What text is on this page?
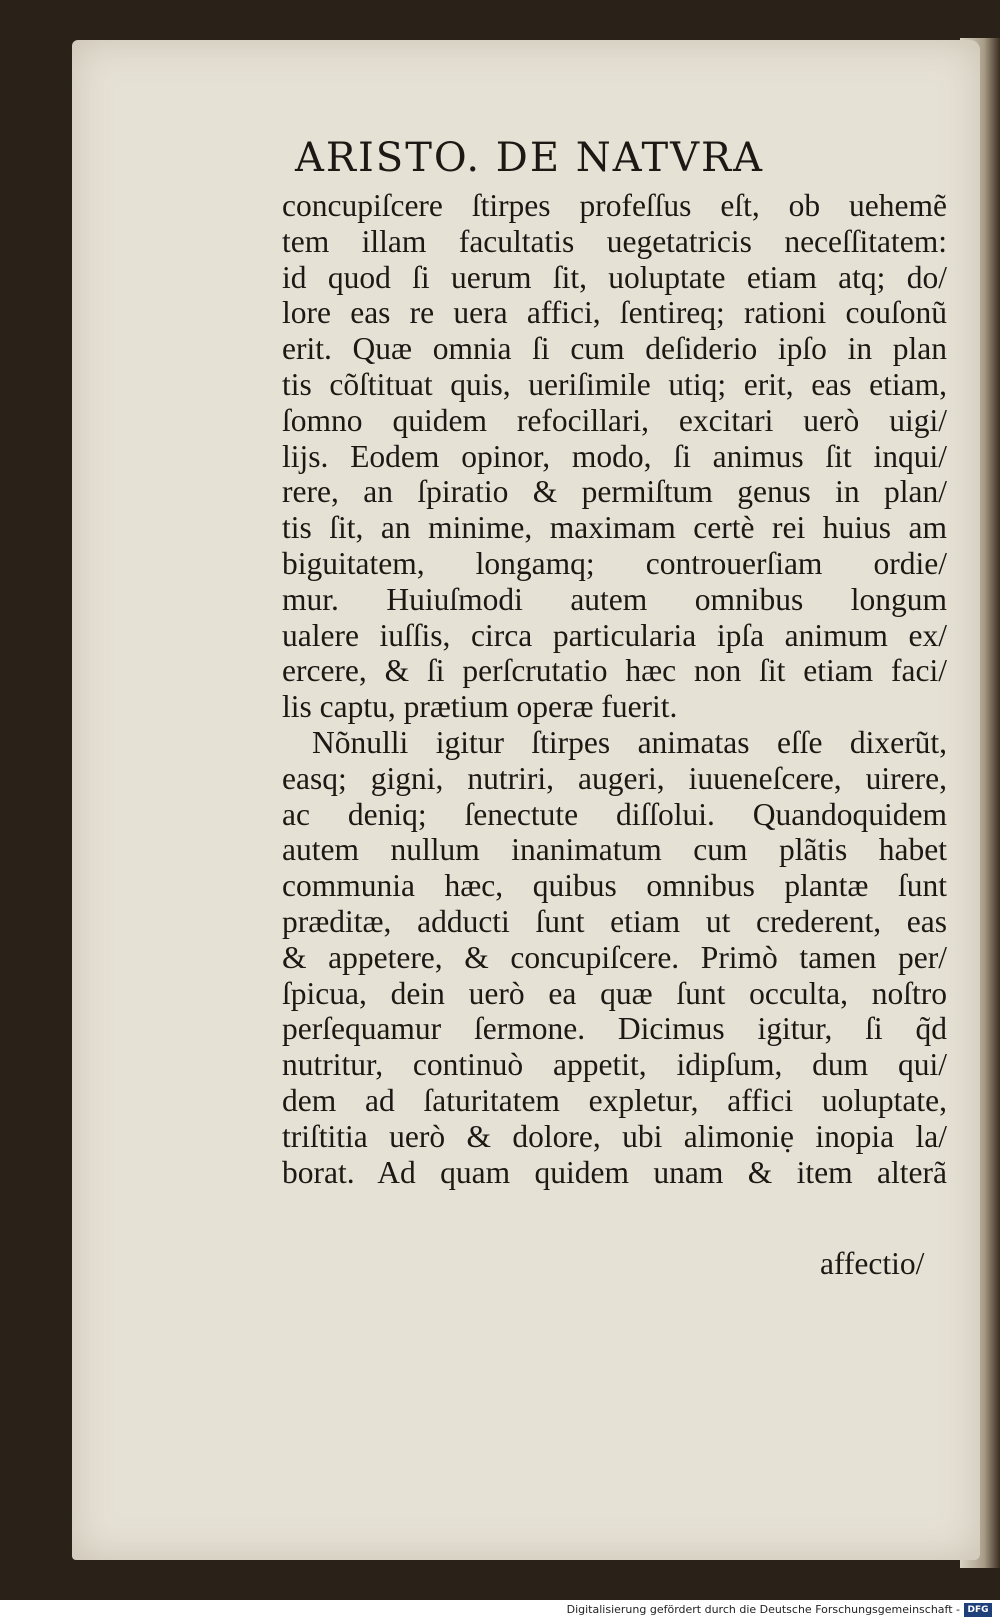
ARISTO. DE NATVRA
concupiſcere ſtirpes profeſſus eſt, ob uehemẽ
tem illam facultatis uegetatricis neceſſitatem:
id quod ſi uerum ſit, uoluptate etiam atq; do/
lore eas re uera affici, ſentireq; rationi couſonũ
erit. Quæ omnia ſi cum deſiderio ipſo in plan
tis cõſtituat quis, ueriſimile utiq; erit, eas etiam,
ſomno quidem refocillari, excitari uerò uigi/
lijs. Eodem opinor, modo, ſi animus ſit inqui/
rere, an ſpiratio & permiſtum genus in plan/
tis ſit, an minime, maximam certè rei huius am
biguitatem, longamq; controuerſiam ordie/
mur. Huiuſmodi autem omnibus longum
ualere iuſſis, circa particularia ipſa animum ex/
ercere, & ſi perſcrutatio hæc non ſit etiam faci/
lis captu, prætium operæ fuerit.
Nõnulli igitur ſtirpes animatas eſſe dixerũt,
easq; gigni, nutriri, augeri, iuueneſcere, uirere,
ac deniq; ſenectute diſſolui. Quandoquidem
autem nullum inanimatum cum plãtis habet
communia hæc, quibus omnibus plantæ ſunt
præditæ, adducti ſunt etiam ut crederent, eas
& appetere, & concupiſcere. Primò tamen per/
ſpicua, dein uerò ea quæ ſunt occulta, noſtro
perſequamur ſermone. Dicimus igitur, ſi q̃d
nutritur, continuò appetit, idipſum, dum qui/
dem ad ſaturitatem expletur, affici uoluptate,
triſtitia uerò & dolore, ubi alimoniẹ inopia la/
borat. Ad quam quidem unam & item alterã
affectio/
Digitalisierung gefördert durch die Deutsche Forschungsgemeinschaft - DFG
